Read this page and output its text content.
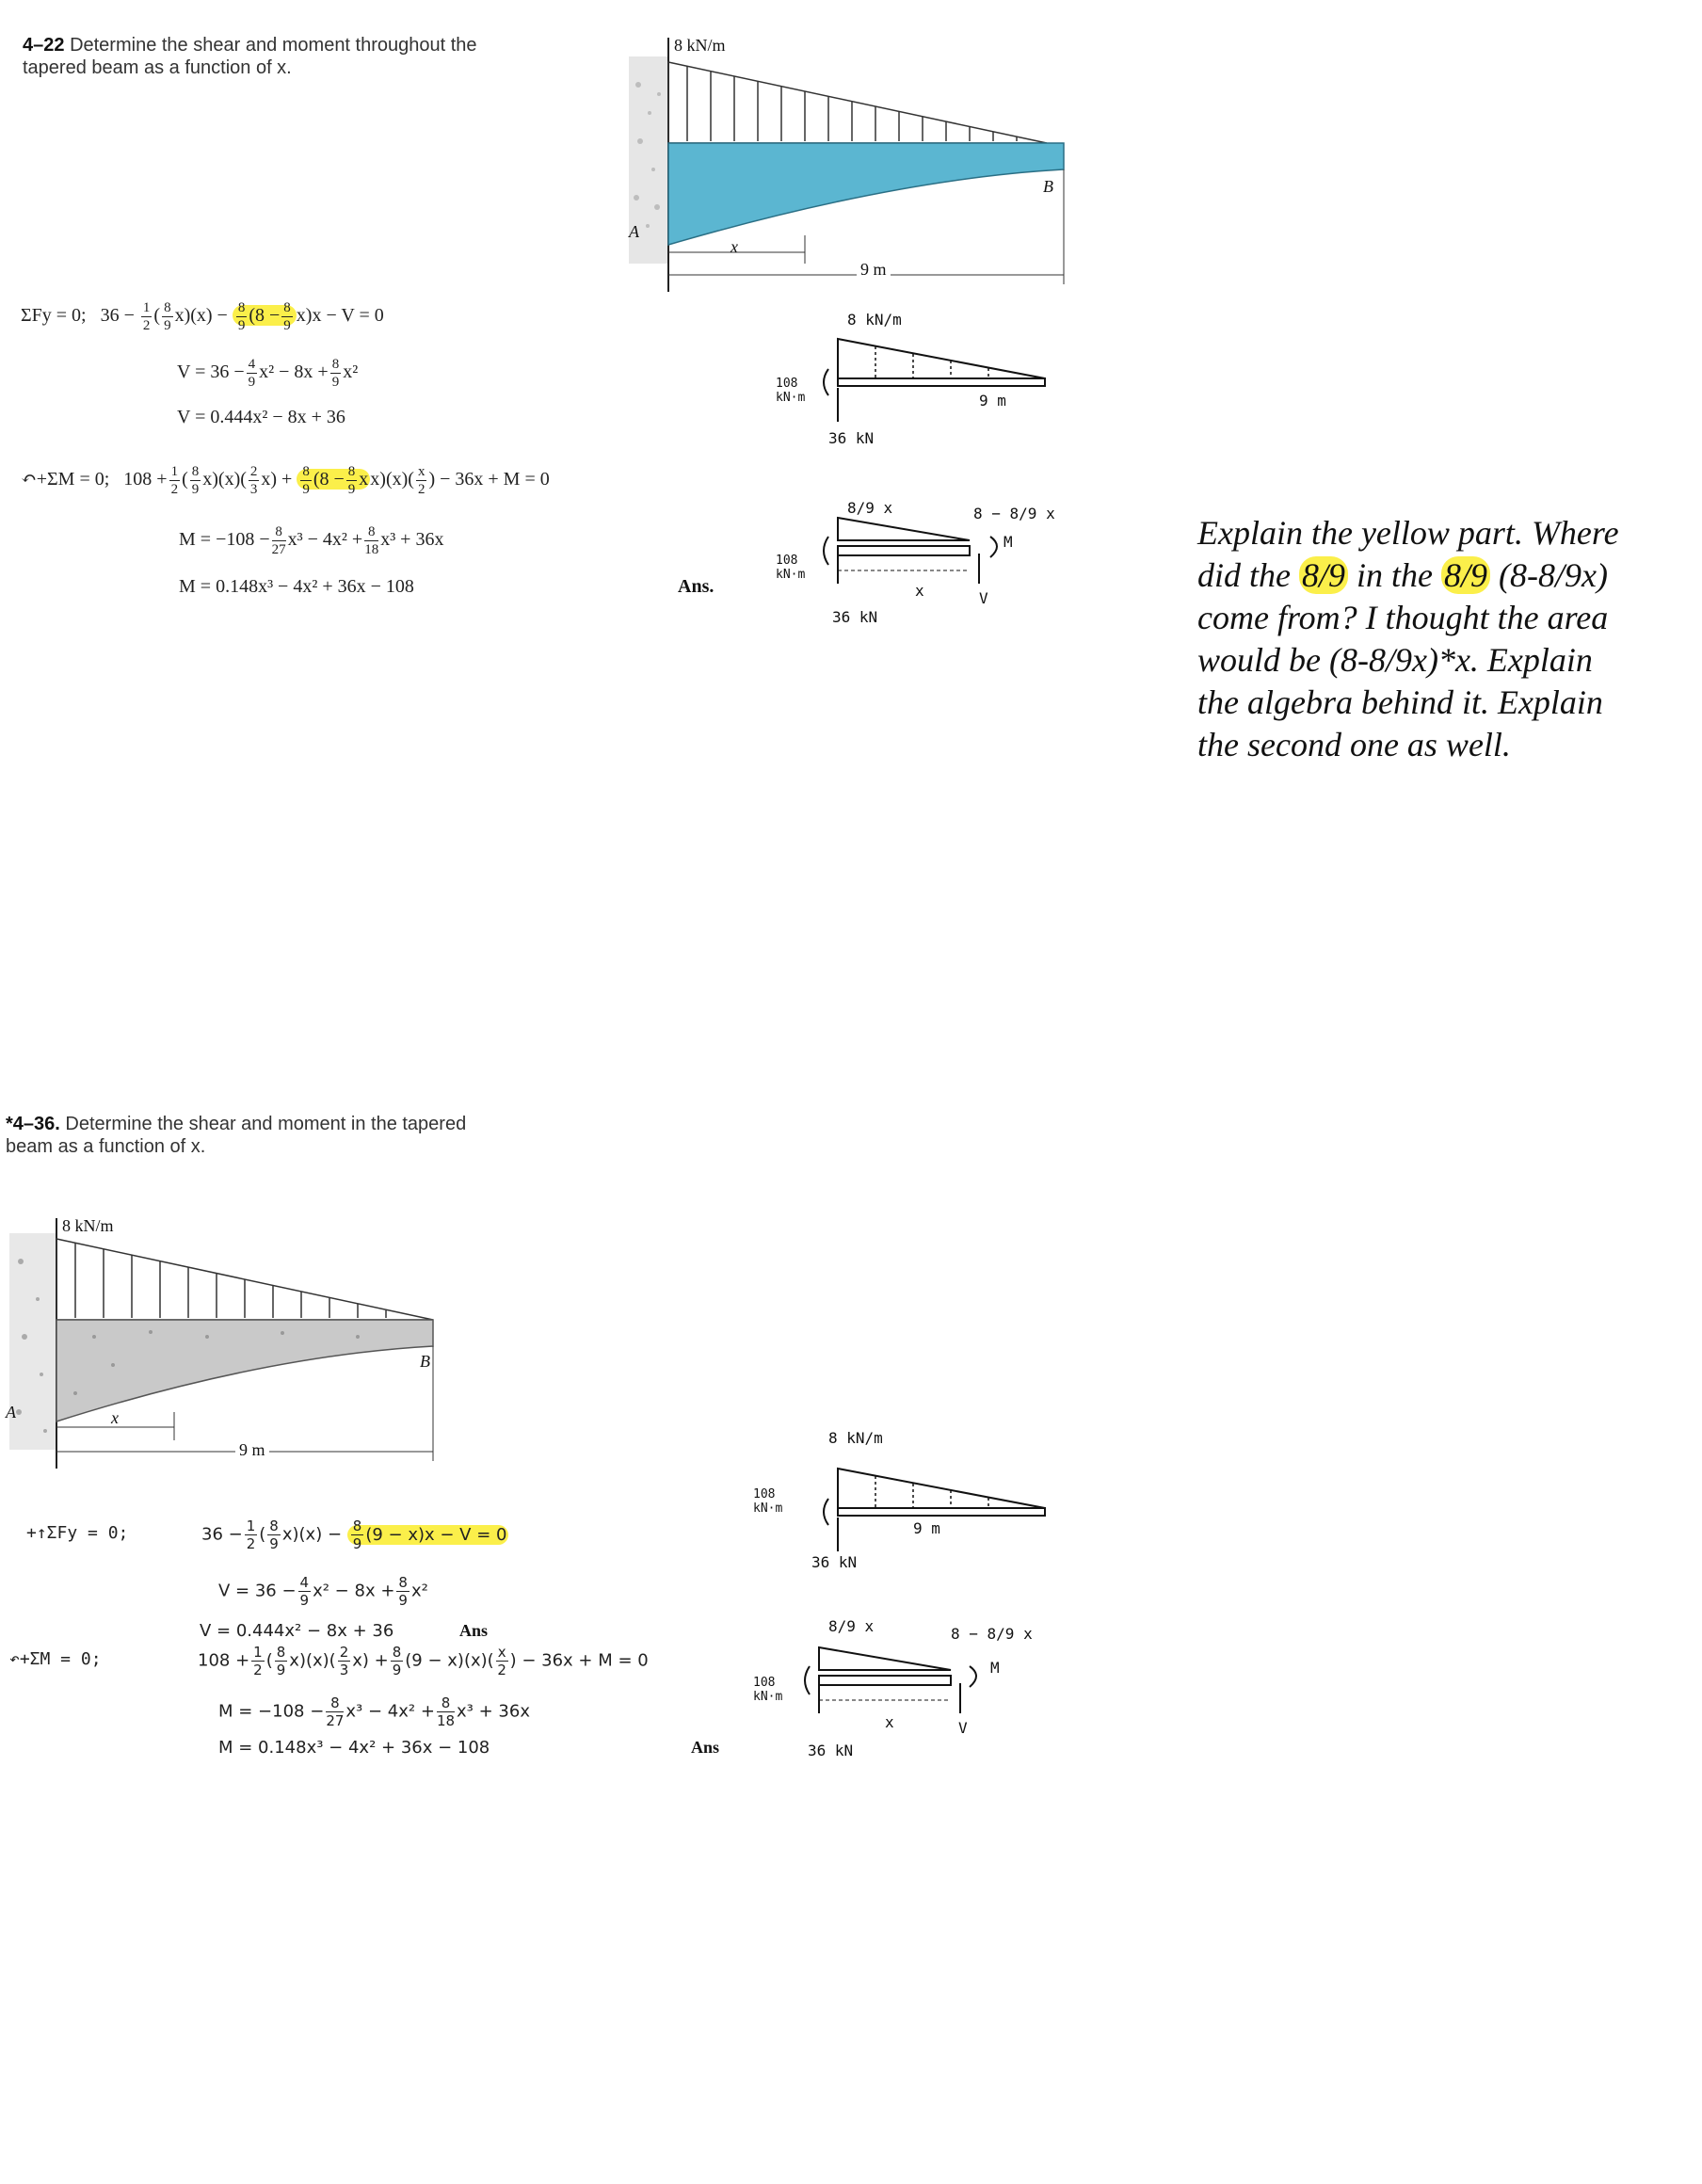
4–22 Determine the shear and moment throughout the tapered beam as a function of x.
8 kN/m
A
B
x
9 m
ΣFy = 0; $36 - \frac{1}{2}$ ( $\frac{8}{9} x)(x) - \frac{8}{9} (8 - \frac{8}{9} x)x - V = 0$
$V = 36 - \frac{4}{9} x^2 - 8x + \frac{8}{9} x^2$
V = 0.444x² − 8x + 36
↶+ΣM = 0; $108 + \frac{1}{2}$ ( $\frac{8}{9} x)(x)( \frac{2}{3} x) + \frac{8}{9} (8 - \frac{8}{9}$ x $x)(x)( \frac{x}{2}$ ) − 36x + M = 0
$M = -108 - \frac{8}{27} x^3 - 4x^2 + \frac{8}{18} x^3 + 36x$
M = 0.148x³ − 4x² + 36x − 108	Ans.
8 kN/m
108 kN·m
36 kN
9 m
8/9 x	8 − 8/9 x
108 kN·m
36 kN
x
M
V
Explain the yellow part. Where
did the 8/9 in the 8/9 (8-8/9x)
come from? I thought the area
would be (8-8/9x)*x. Explain
the algebra behind it. Explain
the second one as well.
*4–36. Determine the shear and moment in the tapered beam as a function of x.
8 kN/m
A
B
x
9 m
+↑ΣFy = 0;	$36 - \frac{1}{2}$ ( $\frac{8}{9} x)(x) - \frac{8}{9} (9 - x)x - V = 0$
$V = 36 - \frac{4}{9} x^2 - 8x + \frac{8}{9} x^2$
V = 0.444x² − 8x + 36	Ans
↶+ΣM = 0;	$108 + \frac{1}{2}$ ( $\frac{8}{9} x)(x)( \frac{2}{3} x) + \frac{8}{9} (9 - x)(x)( \frac{x}{2}$ ) − 36x + M = 0
$M = -108 - \frac{8}{27} x^3 - 4x^2 + \frac{8}{18} x^3 + 36x$
M = 0.148x³ − 4x² + 36x − 108	Ans
8 kN/m
108 kN·m
36 kN
9 m
8/9 x	8 − 8/9 x
108 kN·m
36 kN
x
M
V
